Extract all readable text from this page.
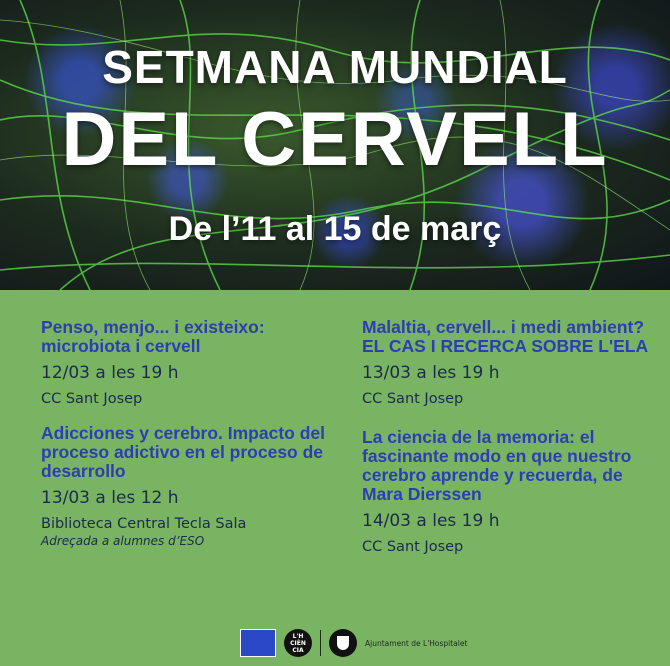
SETMANA MUNDIAL
DEL CERVELL
De l’11 al 15 de març
Penso, menjo... i existeixo: microbiota i cervell
12/03 a les 19 h
CC Sant Josep
Adicciones y cerebro. Impacto del proceso adictivo en el proceso de desarrollo
13/03 a les 12 h
Biblioteca Central Tecla Sala
Adreçada a alumnes d’ESO
Malaltia, cervell... i medi ambient? EL CAS I RECERCA SOBRE L'ELA
13/03 a les 19 h
CC Sant Josep
La ciencia de la memoria: el fascinante modo en que nuestro cerebro aprende y recuerda, de Mara Dierssen
14/03 a les 19 h
CC Sant Josep
L'H CIÈN CIA
Ajuntament de L'Hospitalet
